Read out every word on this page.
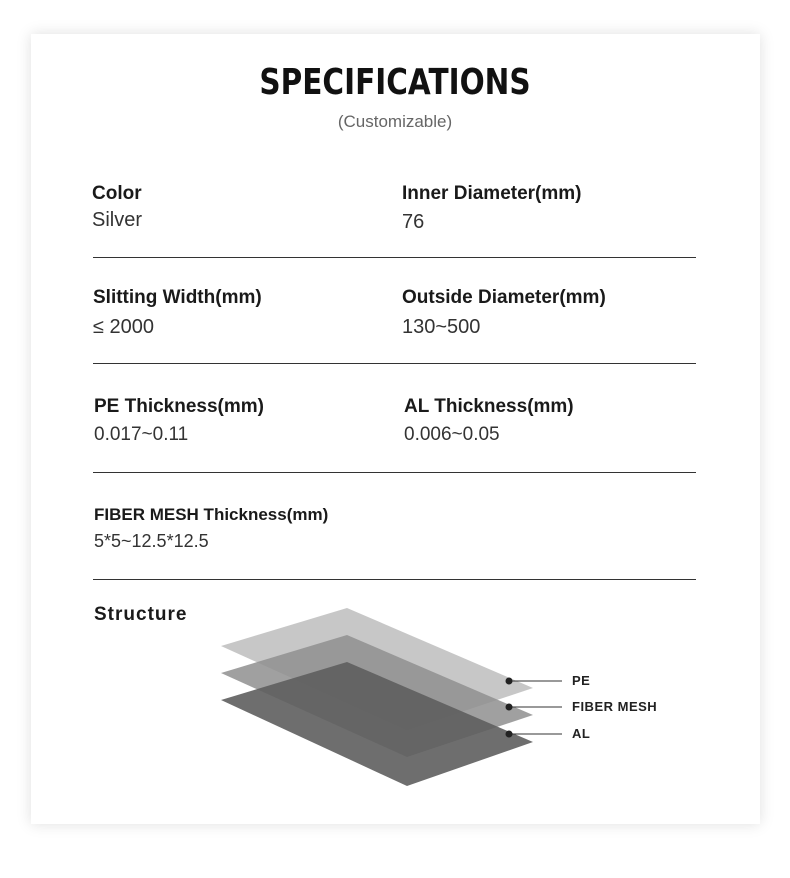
SPECIFICATIONS
(Customizable)
Color
Silver
Inner Diameter(mm)
76
Slitting Width(mm)
≤ 2000
Outside Diameter(mm)
130~500
PE Thickness(mm)
0.017~0.11
AL Thickness(mm)
0.006~0.05
FIBER MESH Thickness(mm)
5*5~12.5*12.5
Structure
PE
FIBER MESH
AL
